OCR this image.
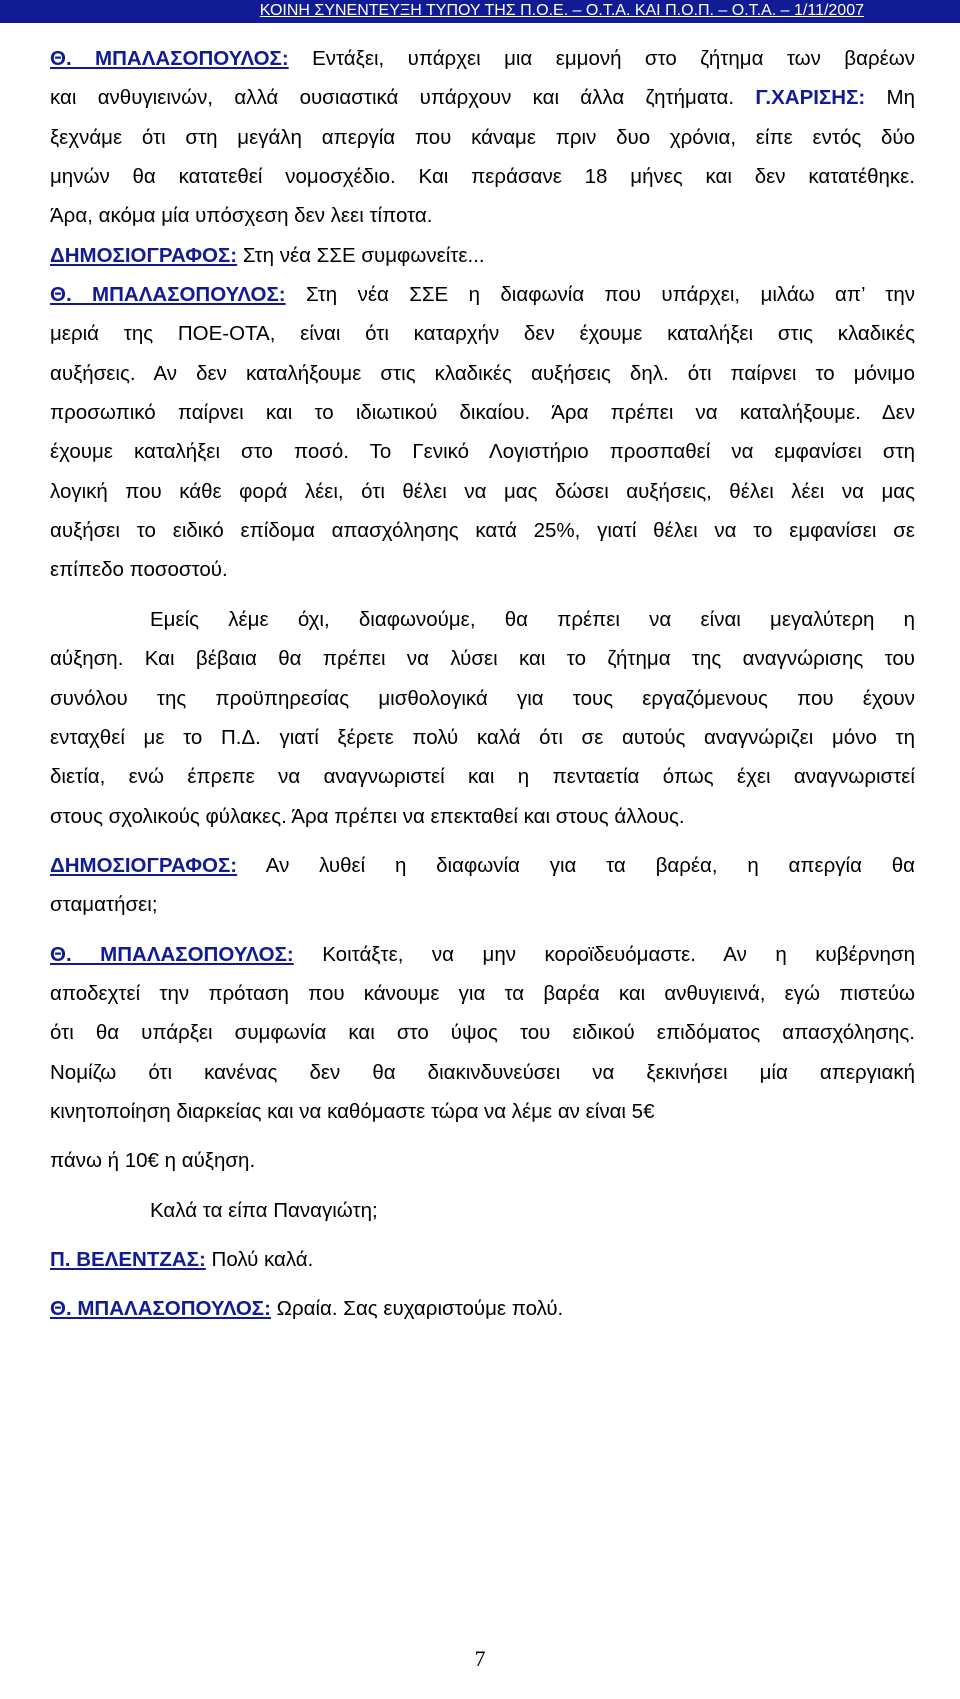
ΚΟΙΝΗ ΣΥΝΕΝΤΕΥΞΗ ΤΥΠΟΥ ΤΗΣ Π.Ο.Ε. – Ο.Τ.Α. ΚΑΙ Π.Ο.Π. – Ο.Τ.Α. – 1/11/2007
Θ. ΜΠΑΛΑΣΟΠΟΥΛΟΣ: Εντάξει, υπάρχει μια εμμονή στο ζήτημα των βαρέων
και ανθυγιεινών, αλλά ουσιαστικά υπάρχουν και άλλα ζητήματα. Γ.ΧΑΡΙΣΗΣ: Μη
ξεχνάμε ότι στη μεγάλη απεργία που κάναμε πριν δυο χρόνια, είπε εντός δύο
μηνών θα κατατεθεί νομοσχέδιο. Και περάσανε 18 μήνες και δεν κατατέθηκε.
Άρα, ακόμα μία υπόσχεση δεν λεει τίποτα.
ΔΗΜΟΣΙΟΓΡΑΦΟΣ: Στη νέα ΣΣΕ συμφωνείτε...
Θ. ΜΠΑΛΑΣΟΠΟΥΛΟΣ: Στη νέα ΣΣΕ η διαφωνία που υπάρχει, μιλάω απ’ την
μεριά της ΠΟΕ-ΟΤΑ, είναι ότι καταρχήν δεν έχουμε καταλήξει στις κλαδικές
αυξήσεις. Αν δεν καταλήξουμε στις κλαδικές αυξήσεις δηλ. ότι παίρνει το μόνιμο
προσωπικό παίρνει και το ιδιωτικού δικαίου. Άρα πρέπει να καταλήξουμε. Δεν
έχουμε καταλήξει στο ποσό. Το Γενικό Λογιστήριο προσπαθεί να εμφανίσει στη
λογική που κάθε φορά λέει, ότι θέλει να μας δώσει αυξήσεις, θέλει λέει να μας
αυξήσει το ειδικό επίδομα απασχόλησης κατά 25%, γιατί θέλει να το εμφανίσει σε
επίπεδο ποσοστού.
Εμείς λέμε όχι, διαφωνούμε, θα πρέπει να είναι μεγαλύτερη η
αύξηση. Και βέβαια θα πρέπει να λύσει και το ζήτημα της αναγνώρισης του
συνόλου της προϋπηρεσίας μισθολογικά για τους εργαζόμενους που έχουν
ενταχθεί με το Π.Δ. γιατί ξέρετε πολύ καλά ότι σε αυτούς αναγνώριζει μόνο τη
διετία, ενώ έπρεπε να αναγνωριστεί και η πενταετία όπως έχει αναγνωριστεί
στους σχολικούς φύλακες. Άρα πρέπει να επεκταθεί και στους άλλους.
ΔΗΜΟΣΙΟΓΡΑΦΟΣ: Αν λυθεί η διαφωνία για τα βαρέα, η απεργία θα
σταματήσει;
Θ. ΜΠΑΛΑΣΟΠΟΥΛΟΣ: Κοιτάξτε, να μην κοροϊδευόμαστε. Αν η κυβέρνηση
αποδεχτεί την πρόταση που κάνουμε για τα βαρέα και ανθυγιεινά, εγώ πιστεύω
ότι θα υπάρξει συμφωνία και στο ύψος του ειδικού επιδόματος απασχόλησης.
Νομίζω ότι κανένας δεν θα διακινδυνεύσει να ξεκινήσει μία απεργιακή
κινητοποίηση διαρκείας και να καθόμαστε τώρα να λέμε αν είναι 5€
πάνω ή 10€ η αύξηση.
Καλά τα είπα Παναγιώτη;
Π. ΒΕΛΕΝΤΖΑΣ: Πολύ καλά.
Θ. ΜΠΑΛΑΣΟΠΟΥΛΟΣ: Ωραία. Σας ευχαριστούμε πολύ.
7
